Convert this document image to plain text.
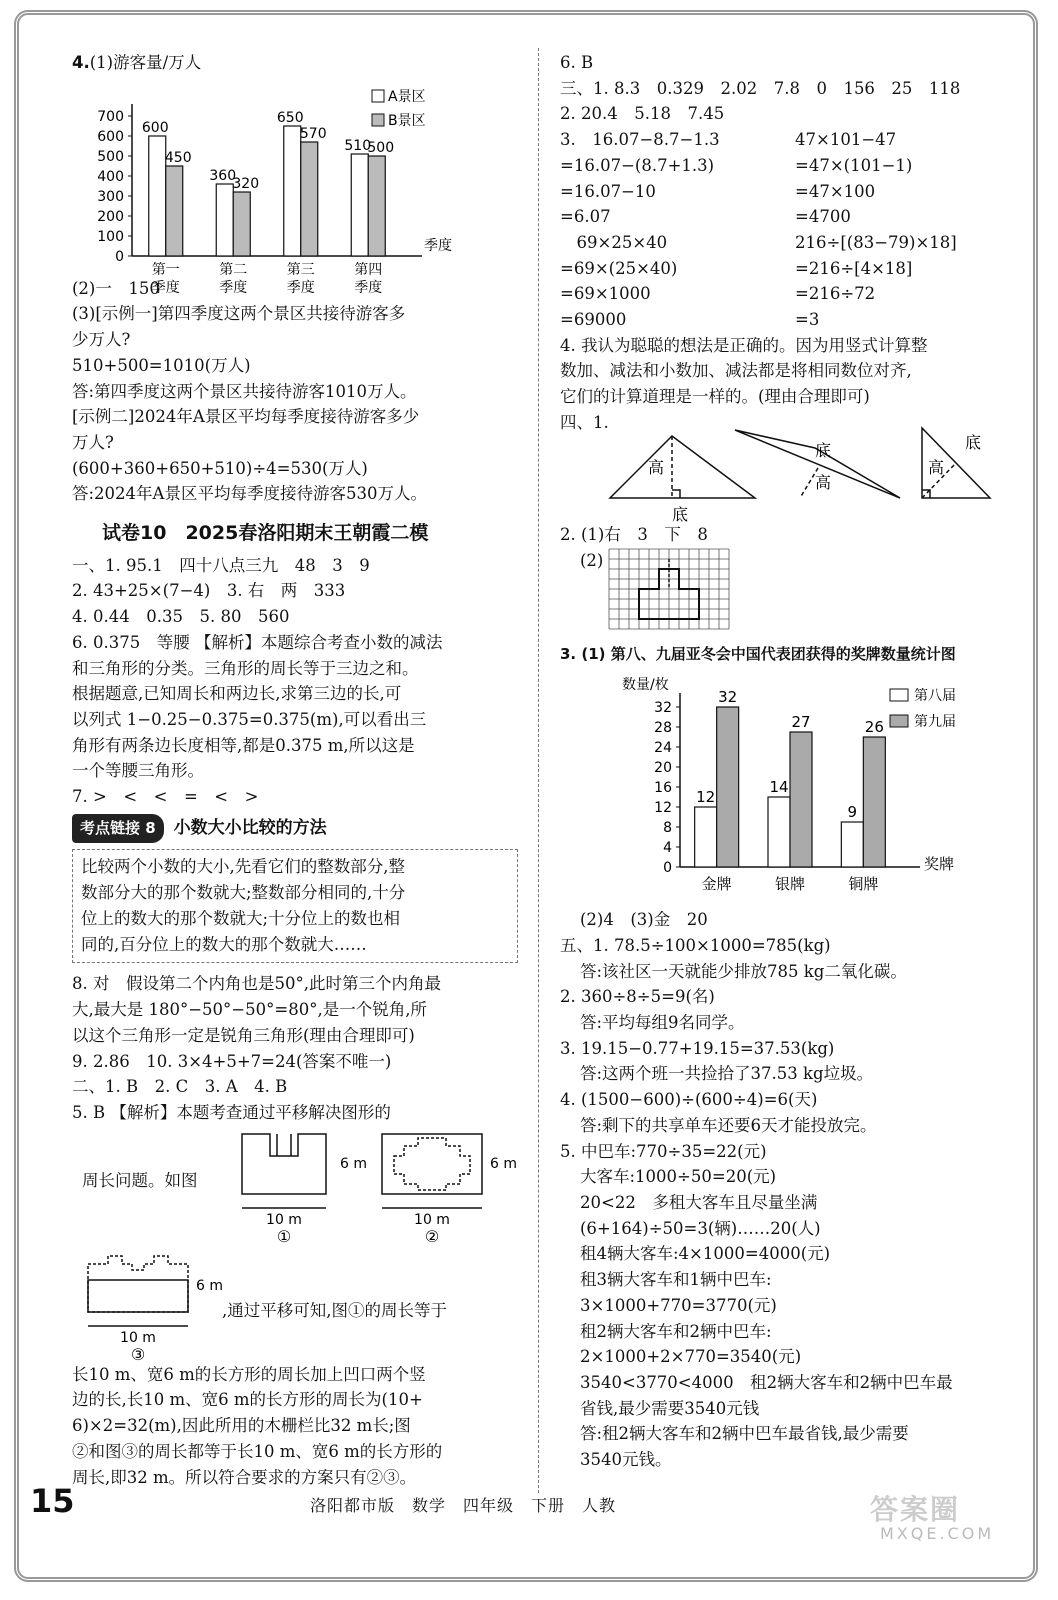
4.(1)游客量/万人
0
100
200
300
400
500
600
700
600
450
第一
季度
360
320
第二
季度
650
570
第三
季度
510
500
第四
季度
季度
A景区
B景区
(2)一　150
(3)[示例一]第四季度这两个景区共接待游客多
少万人?
510+500=1010(万人)
答:第四季度这两个景区共接待游客1010万人。
[示例二]2024年A景区平均每季度接待游客多少
万人?
(600+360+650+510)÷4=530(万人)
答:2024年A景区平均每季度接待游客530万人。
试卷10　2025春洛阳期末王朝霞二模
一、1. 95.1　四十八点三九　48　3　9
2. 43+25×(7−4)　3. 右　两　333
4. 0.44　0.35　5. 80　560
6. 0.375　等腰 【解析】本题综合考查小数的减法
和三角形的分类。三角形的周长等于三边之和。
根据题意,已知周长和两边长,求第三边的长,可
以列式 1−0.25−0.375=0.375(m),可以看出三
角形有两条边长度相等,都是0.375 m,所以这是
一个等腰三角形。
7. >　<　<　=　<　>
考点链接 8	小数大小比较的方法
比较两个小数的大小,先看它们的整数部分,整
数部分大的那个数就大;整数部分相同的,十分
位上的数大的那个数就大;十分位上的数也相
同的,百分位上的数大的那个数就大……
8. 对　假设第二个内角也是50°,此时第三个内角最
大,最大是 180°−50°−50°=80°,是一个锐角,所
以这个三角形一定是锐角三角形(理由合理即可)
9. 2.86　10. 3×4+5+7=24(答案不唯一)
二、1. B　2. C　3. A　4. B
5. B 【解析】本题考查通过平移解决图形的
周长问题。如图
10 m
6 m
①
10 m
6 m
②
6 m
10 m
③
,通过平移可知,图①的周长等于
长10 m、宽6 m的长方形的周长加上凹口两个竖
边的长,长10 m、宽6 m的长方形的周长为(10+
6)×2=32(m),因此所用的木栅栏比32 m长;图
②和图③的周长都等于长10 m、宽6 m的长方形的
周长,即32 m。所以符合要求的方案只有②③。
6. B
三、1. 8.3　0.329　2.02　7.8　0　156　25　118
2. 20.4　5.18　7.45
3.　16.07−8.7−1.3	47×101−47
=16.07−(8.7+1.3)	=47×(101−1)
=16.07−10	=47×100
=6.07	=4700
　69×25×40	216÷[(83−79)×18]
=69×(25×40)	=216÷[4×18]
=69×1000	=216÷72
=69000	=3
4. 我认为聪聪的想法是正确的。因为用竖式计算整
数加、减法和小数加、减法都是将相同数位对齐,
它们的计算道理是一样的。(理由合理即可)
四、1.
高
底
底
高
高
底
2. (1)右　3　下　8
(2)
3. (1) 第八、九届亚冬会中国代表团获得的奖牌数量统计图
数量/枚
0
4
8
12
16
20
24
28
32
12
32
金牌
14
27
银牌
9
26
铜牌
奖牌
第八届
第九届
(2)4　(3)金　20
五、1. 78.5÷100×1000=785(kg)
答:该社区一天就能少排放785 kg二氧化碳。
2. 360÷8÷5=9(名)
答:平均每组9名同学。
3. 19.15−0.77+19.15=37.53(kg)
答:这两个班一共捡拾了37.53 kg垃圾。
4. (1500−600)÷(600÷4)=6(天)
答:剩下的共享单车还要6天才能投放完。
5. 中巴车:770÷35=22(元)
大客车:1000÷50=20(元)
20<22　多租大客车且尽量坐满
(6+164)÷50=3(辆)……20(人)
租4辆大客车:4×1000=4000(元)
租3辆大客车和1辆中巴车:
3×1000+770=3770(元)
租2辆大客车和2辆中巴车:
2×1000+2×770=3540(元)
3540<3770<4000　租2辆大客车和2辆中巴车最
省钱,最少需要3540元钱
答:租2辆大客车和2辆中巴车最省钱,最少需要
3540元钱。
15	洛阳都市版　数学　四年级　下册　人教	答案圈
MXQE.COM
